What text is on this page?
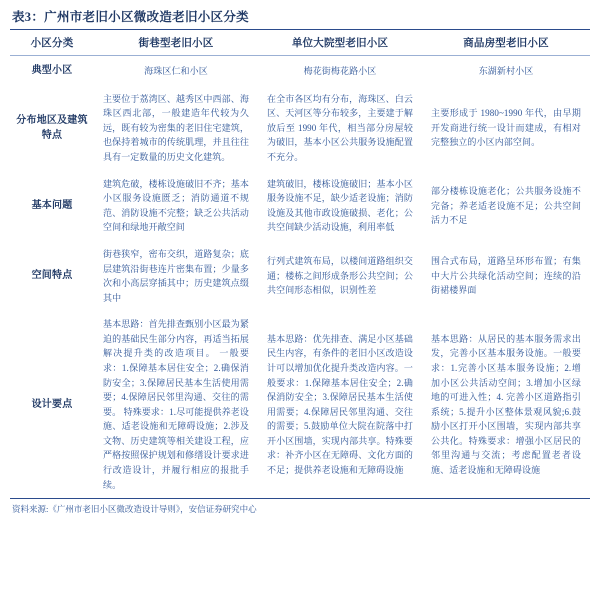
表3：广州市老旧小区微改造老旧小区分类
小区分类	街巷型老旧小区	单位大院型老旧小区	商品房型老旧小区
典型小区	海珠区仁和小区	梅花街梅花路小区	东湖新村小区
分布地区及建筑特点	主要位于荔湾区、越秀区中西部、海珠区西北部，一般建造年代较为久远，既有较为密集的老旧住宅建筑，也保持着城市的传统肌理，并且往往具有一定数量的历史文化建筑。	在全市各区均有分布，海珠区、白云区、天河区等分布较多，主要建于解放后至 1990 年代，相当部分房屋较为破旧，基本小区公共服务设施配置不充分。	主要形成于 1980~1990 年代，由早期开发商进行统一设计而建成，有相对完整独立的小区内部空间。
基本问题	建筑危破，楼栋设施破旧不齐；基本小区服务设施匮乏；消防通道不规范、消防设施不完整；缺乏公共活动空间和绿地开敞空间	建筑破旧，楼栋设施破旧；基本小区服务设施不足，缺少适老设施；消防设施及其他市政设施破损、老化；公共空间缺少活动设施，利用率低	部分楼栋设施老化；公共服务设施不完备；养老适老设施不足；公共空间活力不足
空间特点	街巷狭窄，密布交织，道路复杂；底层建筑沿街巷连片密集布置；少量多次和小高层穿插其中；历史建筑点缀其中	行列式建筑布局，以楼间道路组织交通；楼栋之间形成条形公共空间；公共空间形态相似，识别性差	围合式布局，道路呈环形布置；有集中大片公共绿化活动空间；连续的沿街裙楼界面
设计要点	基本思路：首先排查甄别小区最为紧迫的基础民生部分内容，再适当拓展解决提升类的改造项目。 一般要求：1.保障基本居住安全；2.确保消防安全；3.保障居民基本生活使用需要；4.保障居民邻里沟通、交往的需要。 特殊要求：1.尽可能提供养老设施、适老设施和无障碍设施；2.涉及文物、历史建筑等相关建设工程，应严格按照保护规划和修缮设计要求进行改造设计，并履行相应的报批手续。	基本思路：优先排查、满足小区基础民生内容，有条件的老旧小区改造设计可以增加优化提升类改造内容。一般要求：1.保障基本居住安全；2.确保消防安全；3.保障居民基本生活使用需要；4.保障居民邻里沟通、交往的需要；5.鼓励单位大院在院落中打开小区围墙，实现内部共享。特殊要求：补齐小区在无障碍、文化方面的不足；提供养老设施和无障碍设施	基本思路：从居民的基本服务需求出发，完善小区基本服务设施。一般要求：1.完善小区基本服务设施；2.增加小区公共活动空间；3.增加小区绿地的可进入性；4. 完善小区道路指引系统；5.提升小区整体景观风貌;6.鼓励小区打开小区围墙，实现内部共享公共化。特殊要求：增强小区居民的邻里沟通与交流；考虑配置老者设施、适老设施和无障碍设施
资料来源:《广州市老旧小区微改造设计导则》，安信证券研究中心
